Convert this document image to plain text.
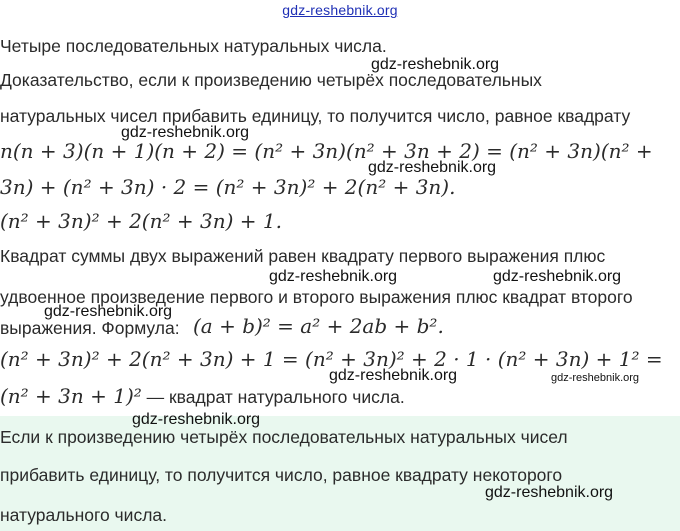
gdz-reshebnik.org
Четыре последовательных натуральных числа.
Доказательство, если к произведению четырёх последовательных
gdz-reshebnik.org
натуральных чисел прибавить единицу, то получится число, равное квадрату
gdz-reshebnik.org
n(n + 3)(n + 1)(n + 2) = (n² + 3n)(n² + 3n + 2) = (n² + 3n)(n² +
gdz-reshebnik.org
3n) + (n² + 3n) · 2 = (n² + 3n)² + 2(n² + 3n).
(n² + 3n)² + 2(n² + 3n) + 1.
Квадрат суммы двух выражений равен квадрату первого выражения плюс
gdz-reshebnik.org	gdz-reshebnik.org
удвоенное произведение первого и второго выражения плюс квадрат второго
gdz-reshebnik.org
выражения. Формула: (a + b)² = a² + 2ab + b².
(n² + 3n)² + 2(n² + 3n) + 1 = (n² + 3n)² + 2 · 1 · (n² + 3n) + 1² =
gdz-reshebnik.org	gdz-reshebnik.org
(n² + 3n + 1)² — квадрат натурального числа.
gdz-reshebnik.org
Если к произведению четырёх последовательных натуральных чисел
прибавить единицу, то получится число, равное квадрату некоторого
gdz-reshebnik.org
натурального числа.
